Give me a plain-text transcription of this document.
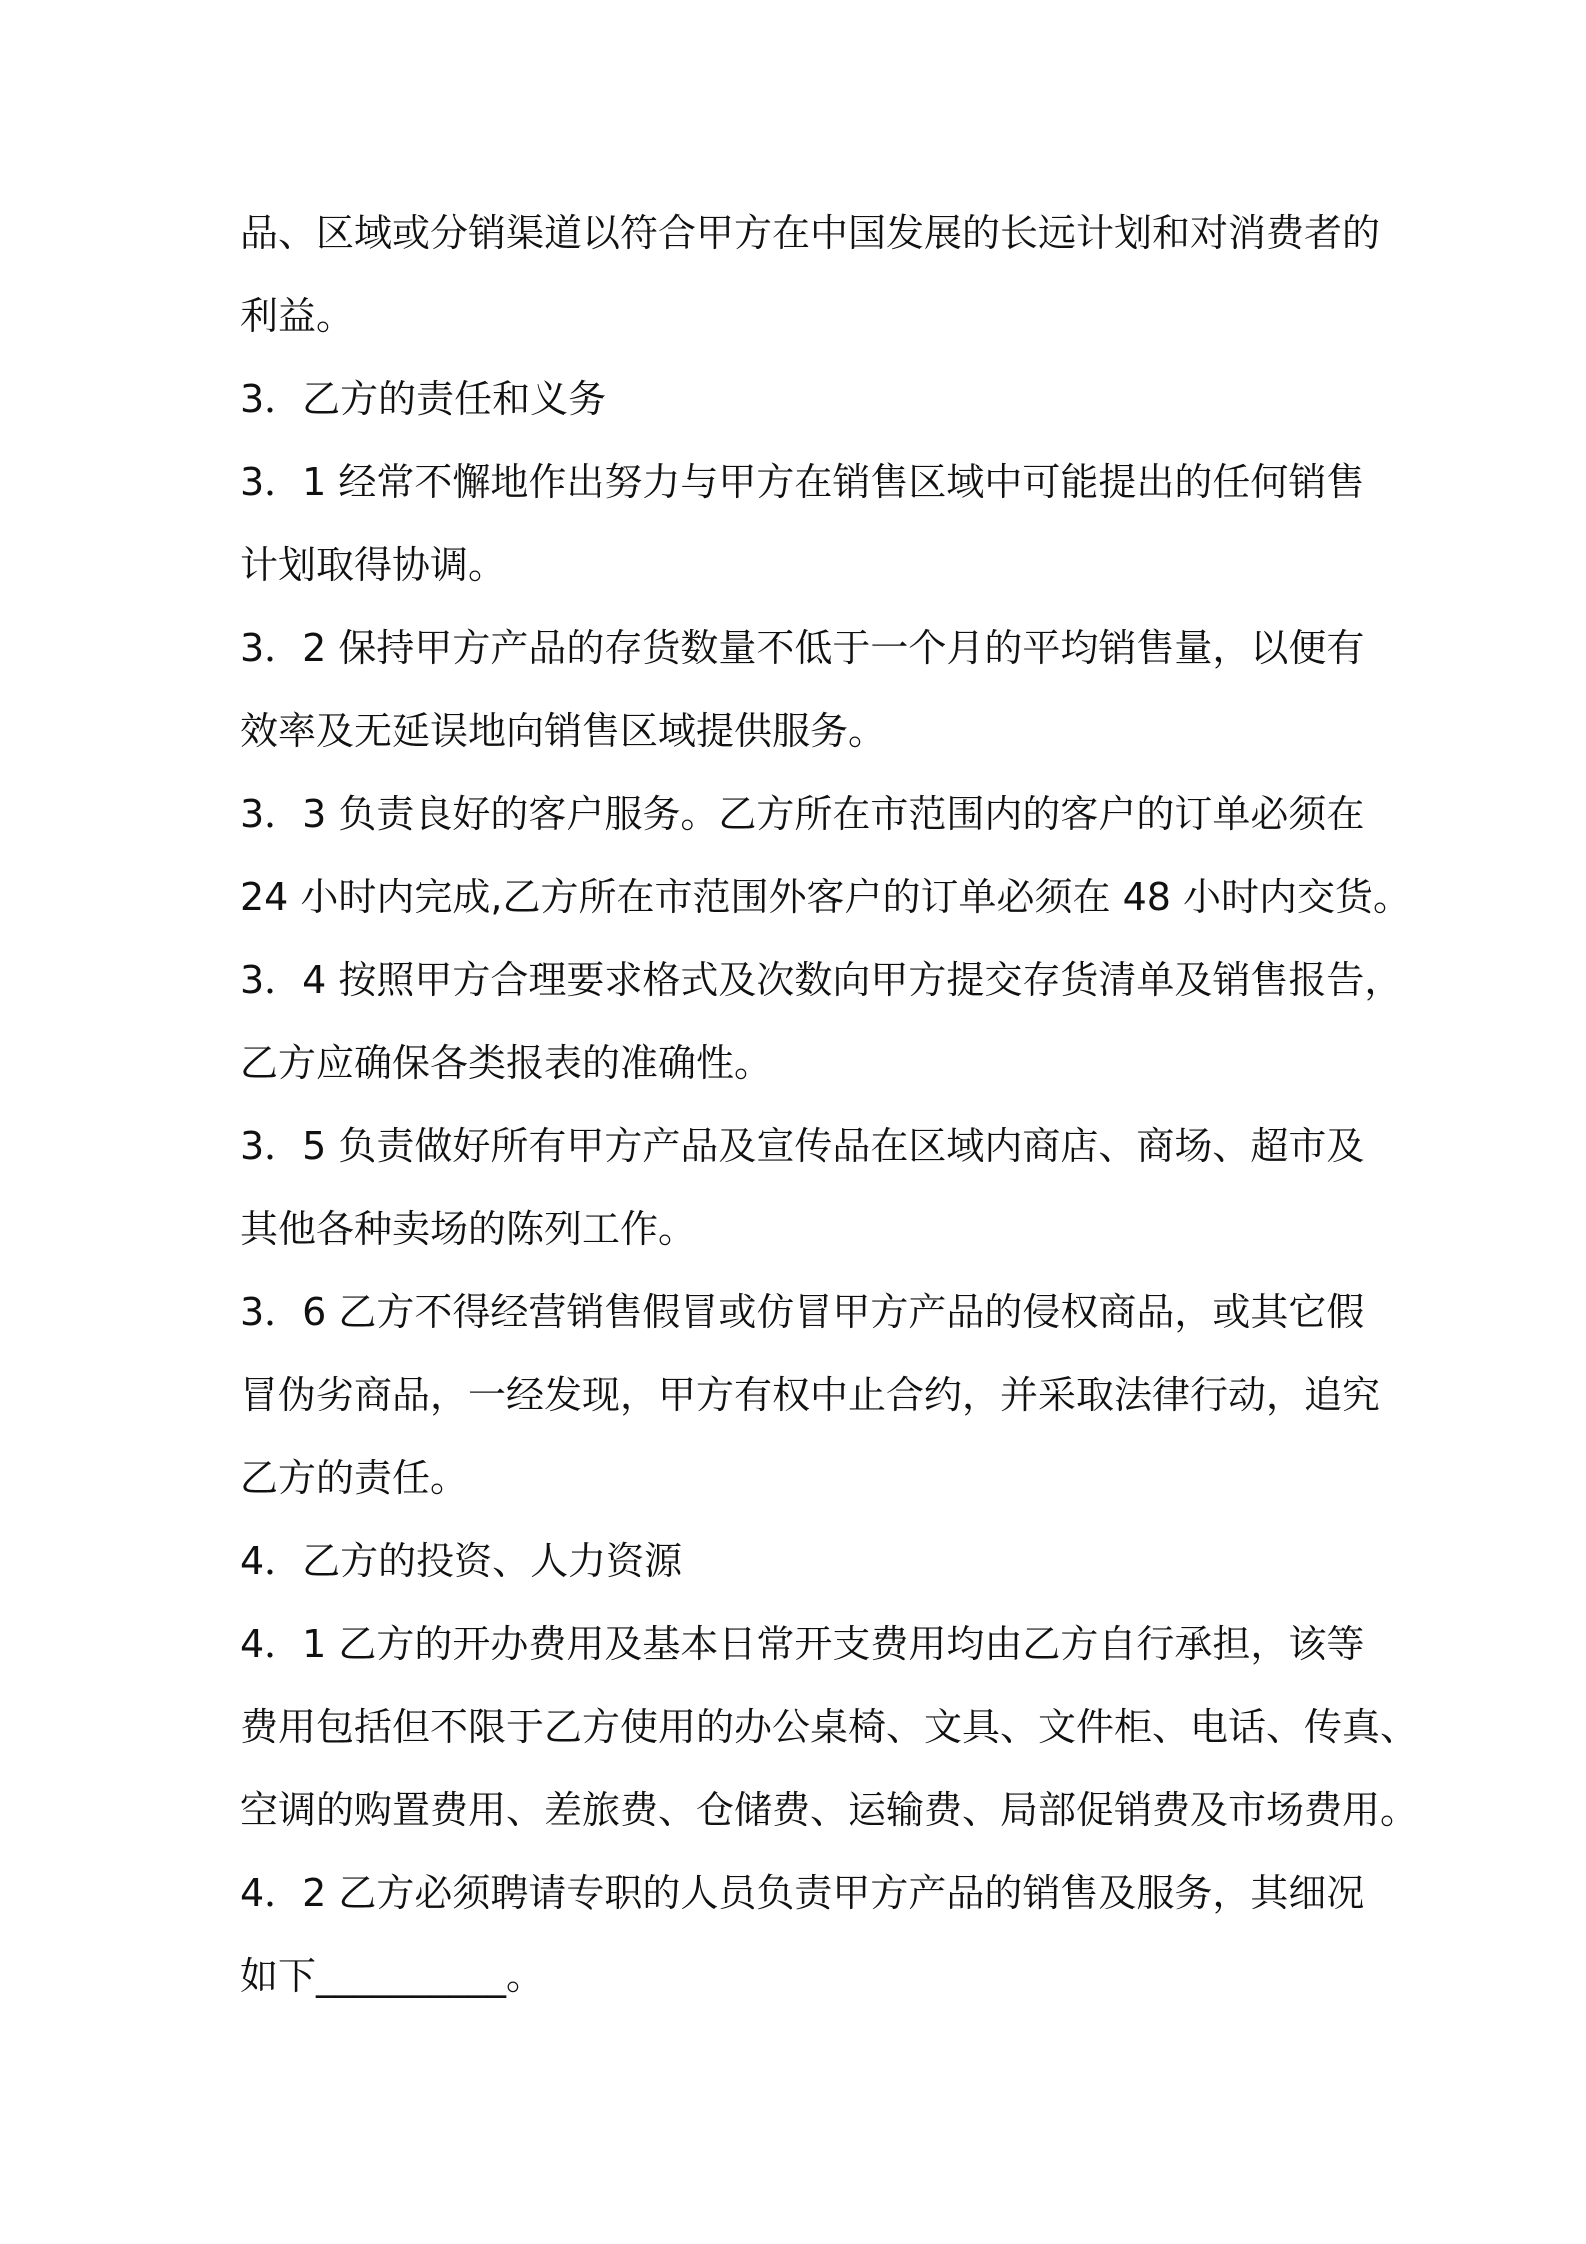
品、区域或分销渠道以符合甲方在中国发展的长远计划和对消费者的
利益。
3．乙方的责任和义务
3．1 经常不懈地作出努力与甲方在销售区域中可能提出的任何销售
计划取得协调。
3．2 保持甲方产品的存货数量不低于一个月的平均销售量，以便有
效率及无延误地向销售区域提供服务。
3．3 负责良好的客户服务。乙方所在市范围内的客户的订单必须在
24 小时内完成,乙方所在市范围外客户的订单必须在 48 小时内交货。
3．4 按照甲方合理要求格式及次数向甲方提交存货清单及销售报告，
乙方应确保各类报表的准确性。
3．5 负责做好所有甲方产品及宣传品在区域内商店、商场、超市及
其他各种卖场的陈列工作。
3．6 乙方不得经营销售假冒或仿冒甲方产品的侵权商品，或其它假
冒伪劣商品，一经发现，甲方有权中止合约，并采取法律行动，追究
乙方的责任。
4．乙方的投资、人力资源
4．1 乙方的开办费用及基本日常开支费用均由乙方自行承担，该等
费用包括但不限于乙方使用的办公桌椅、文具、文件柜、电话、传真、
空调的购置费用、差旅费、仓储费、运输费、局部促销费及市场费用。
4．2 乙方必须聘请专职的人员负责甲方产品的销售及服务，其细况
如下__________。
